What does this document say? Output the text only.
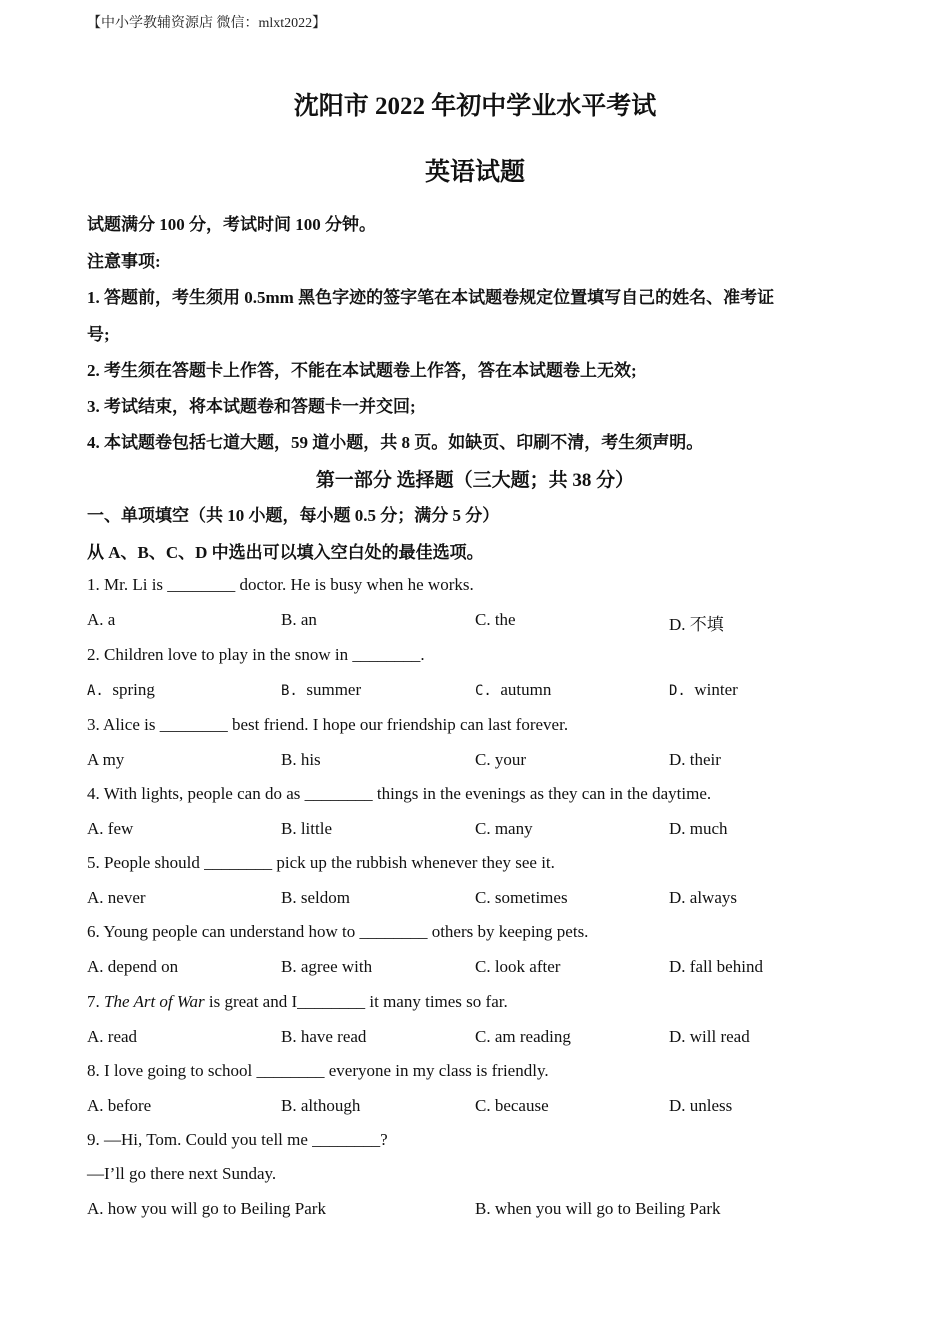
【中小学教辅资源店 微信：mlxt2022】
沈阳市 2022 年初中学业水平考试
英语试题
试题满分 100 分，考试时间 100 分钟。
注意事项:
1. 答题前，考生须用 0.5mm 黑色字迹的签字笔在本试题卷规定位置填写自己的姓名、准考证
号;
2. 考生须在答题卡上作答，不能在本试题卷上作答，答在本试题卷上无效;
3. 考试结束，将本试题卷和答题卡一并交回;
4. 本试题卷包括七道大题，59 道小题，共 8 页。如缺页、印刷不清，考生须声明。
第一部分 选择题（三大题；共 38 分）
一、单项填空（共 10 小题，每小题 0.5 分；满分 5 分）
从 A、B、C、D 中选出可以填入空白处的最佳选项。
1. Mr. Li is ________ doctor. He is busy when he works.
A. a	B. an	C. the	D. 不填
2. Children love to play in the snow in ________.
A. spring	B. summer	C. autumn	D. winter
3. Alice is ________ best friend. I hope our friendship can last forever.
A my	B. his	C. your	D. their
4. With lights, people can do as ________ things in the evenings as they can in the daytime.
A. few	B. little	C. many	D. much
5. People should ________ pick up the rubbish whenever they see it.
A. never	B. seldom	C. sometimes	D. always
6. Young people can understand how to ________ others by keeping pets.
A. depend on	B. agree with	C. look after	D. fall behind
7. The Art of War is great and I________ it many times so far.
A. read	B. have read	C. am reading	D. will read
8. I love going to school ________ everyone in my class is friendly.
A. before	B. although	C. because	D. unless
9. —Hi, Tom. Could you tell me ________?
—I’ll go there next Sunday.
A. how you will go to Beiling Park	B. when you will go to Beiling Park
